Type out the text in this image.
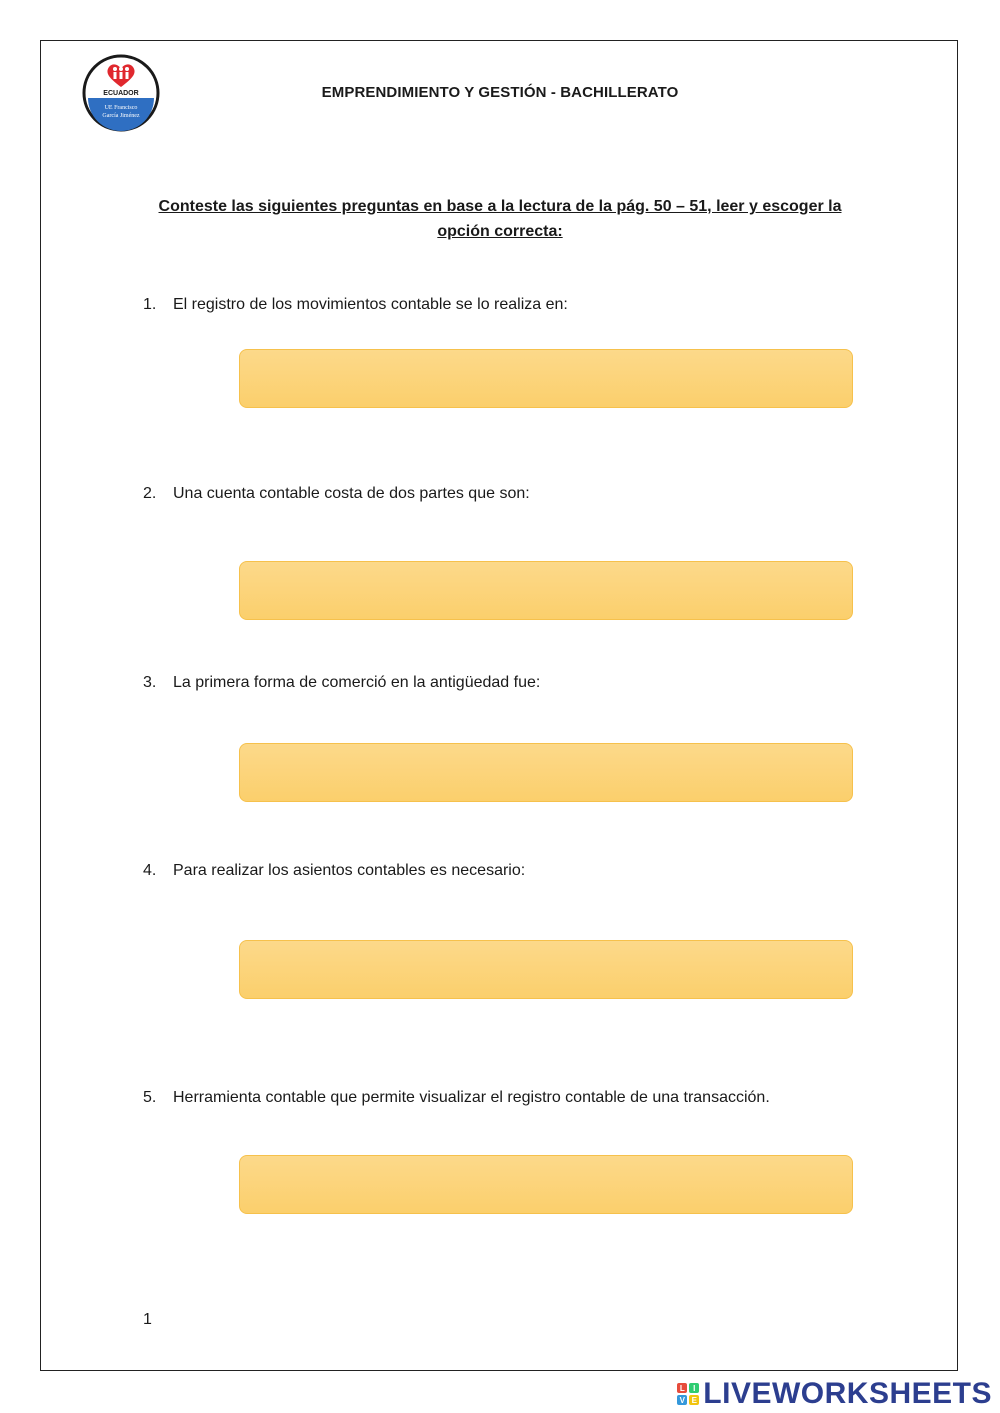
ECUADOR
UE Francisco
García Jiménez
EMPRENDIMIENTO Y GESTIÓN - BACHILLERATO
Conteste las siguientes preguntas en base a la lectura de la pág. 50 – 51, leer y escoger la opción correcta:
1.	El registro de los movimientos contable se lo realiza en:
2.	Una cuenta contable costa de dos partes que son:
3.	La primera forma de comerció en la antigüedad fue:
4.	Para realizar los asientos contables es necesario:
5.	Herramienta contable que permite visualizar el registro contable de una transacción.
1
L	I
V E LIVEWORKSHEETS
